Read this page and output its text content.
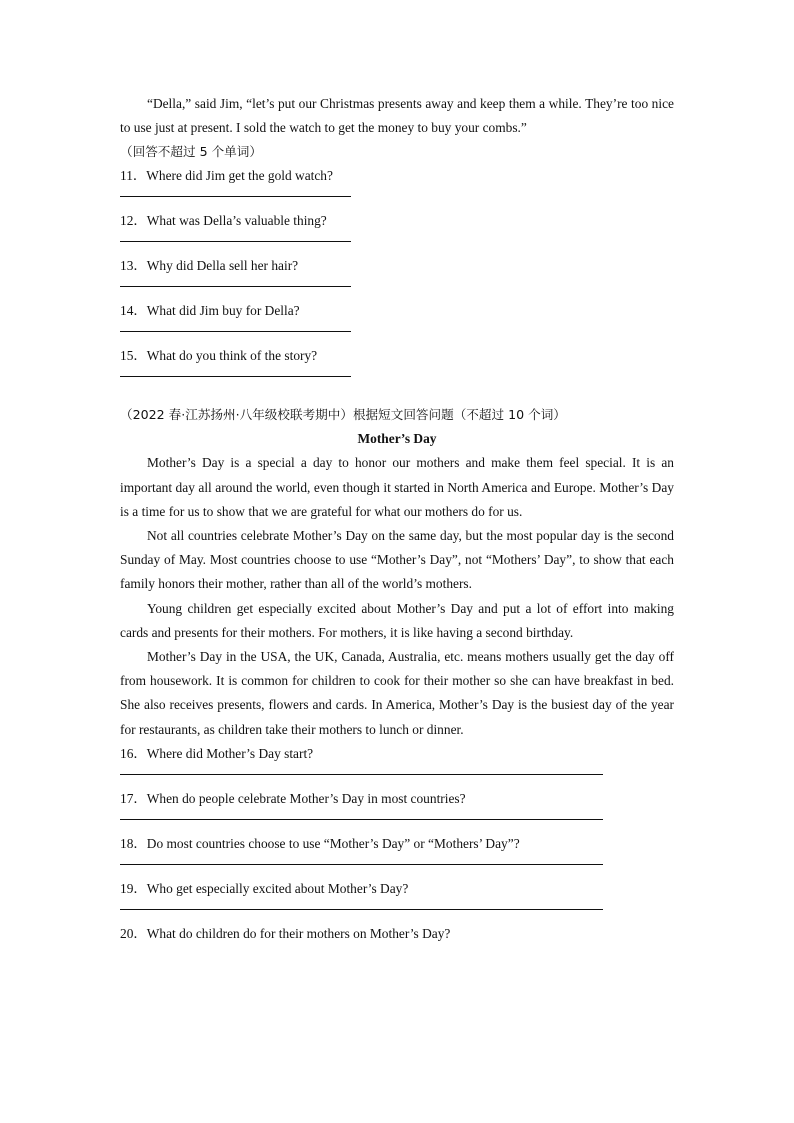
“Della,” said Jim, “let’s put our Christmas presents away and keep them a while. They’re too nice to use just at present. I sold the watch to get the money to buy your combs.”

（回答不超过 5 个单词）

11．Where did Jim get the gold watch?

12．What was Della’s valuable thing?

13．Why did Della sell her hair?

14．What did Jim buy for Della?

15．What do you think of the story?

（2022 春·江苏扬州·八年级校联考期中）根据短文回答问题（不超过 10 个词）

Mother’s Day

Mother’s Day is a special a day to honor our mothers and make them feel special. It is an important day all around the world, even though it started in North America and Europe. Mother’s Day is a time for us to show that we are grateful for what our mothers do for us.

Not all countries celebrate Mother’s Day on the same day, but the most popular day is the second Sunday of May. Most countries choose to use “Mother’s Day”, not “Mothers’ Day”, to show that each family honors their mother, rather than all of the world’s mothers.

Young children get especially excited about Mother’s Day and put a lot of effort into making cards and presents for their mothers. For mothers, it is like having a second birthday.

Mother’s Day in the USA, the UK, Canada, Australia, etc. means mothers usually get the day off from housework. It is common for children to cook for their mother so she can have breakfast in bed. She also receives presents, flowers and cards. In America, Mother’s Day is the busiest day of the year for restaurants, as children take their mothers to lunch or dinner.

16．Where did Mother’s Day start?

17．When do people celebrate Mother’s Day in most countries?

18．Do most countries choose to use “Mother’s Day” or “Mothers’ Day”?

19．Who get especially excited about Mother’s Day?

20．What do children do for their mothers on Mother’s Day?
